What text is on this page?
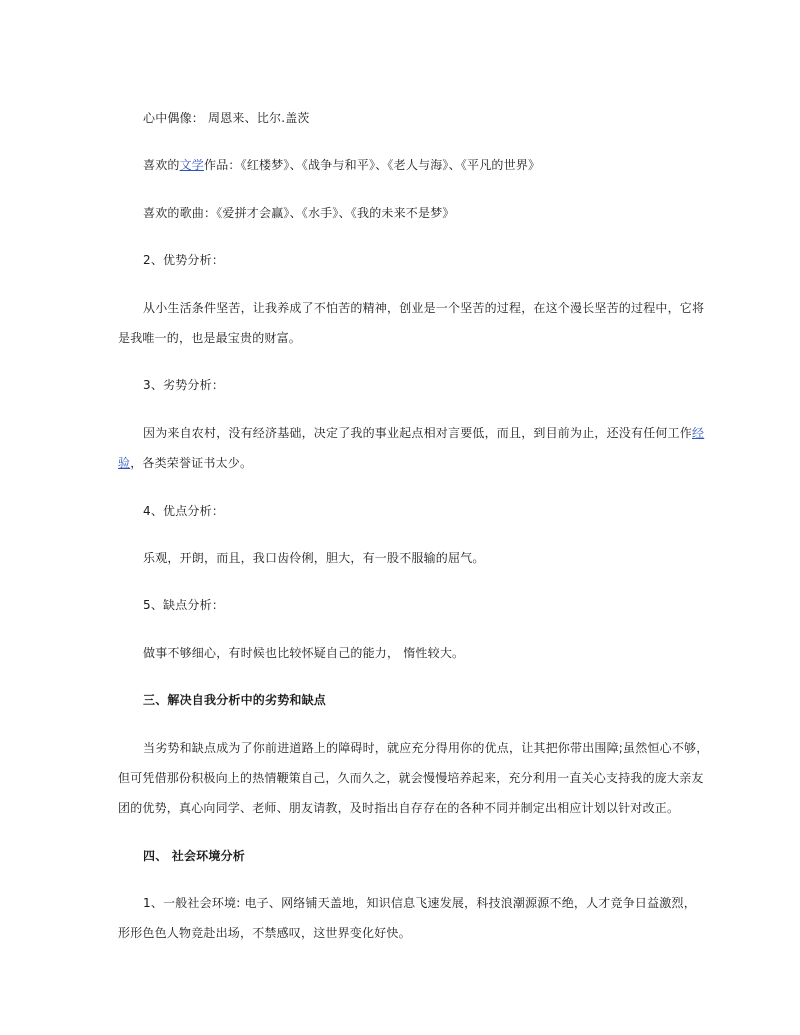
心中偶像： 周恩来、比尔.盖茨
喜欢的文学作品：《红楼梦》、《战争与和平》、《老人与海》、《平凡的世界》
喜欢的歌曲：《爱拼才会赢》、《水手》、《我的未来不是梦》
2、优势分析：
从小生活条件坚苦，让我养成了不怕苦的精神，创业是一个坚苦的过程，在这个漫长坚苦的过程中，它将
是我唯一的，也是最宝贵的财富。
3、劣势分析：
因为来自农村，没有经济基础，决定了我的事业起点相对言要低，而且，到目前为止，还没有任何工作经
验，各类荣誉证书太少。
4、优点分析：
乐观，开朗，而且，我口齿伶俐，胆大，有一股不服输的屈气。
5、缺点分析：
做事不够细心，有时候也比较怀疑自己的能力， 惰性较大。
三、解决自我分析中的劣势和缺点
当劣势和缺点成为了你前进道路上的障碍时，就应充分得用你的优点，让其把你带出围障;虽然恒心不够，
但可凭借那份积极向上的热情鞭策自己，久而久之，就会慢慢培养起来，充分利用一直关心支持我的庞大亲友
团的优势，真心向同学、老师、朋友请教，及时指出自存存在的各种不同并制定出相应计划以针对改正。
四、 社会环境分析
1、一般社会环境: 电子、网络铺天盖地，知识信息飞速发展，科技浪潮源源不绝，人才竞争日益激烈，
形形色色人物竞赴出场，不禁感叹，这世界变化好快。
